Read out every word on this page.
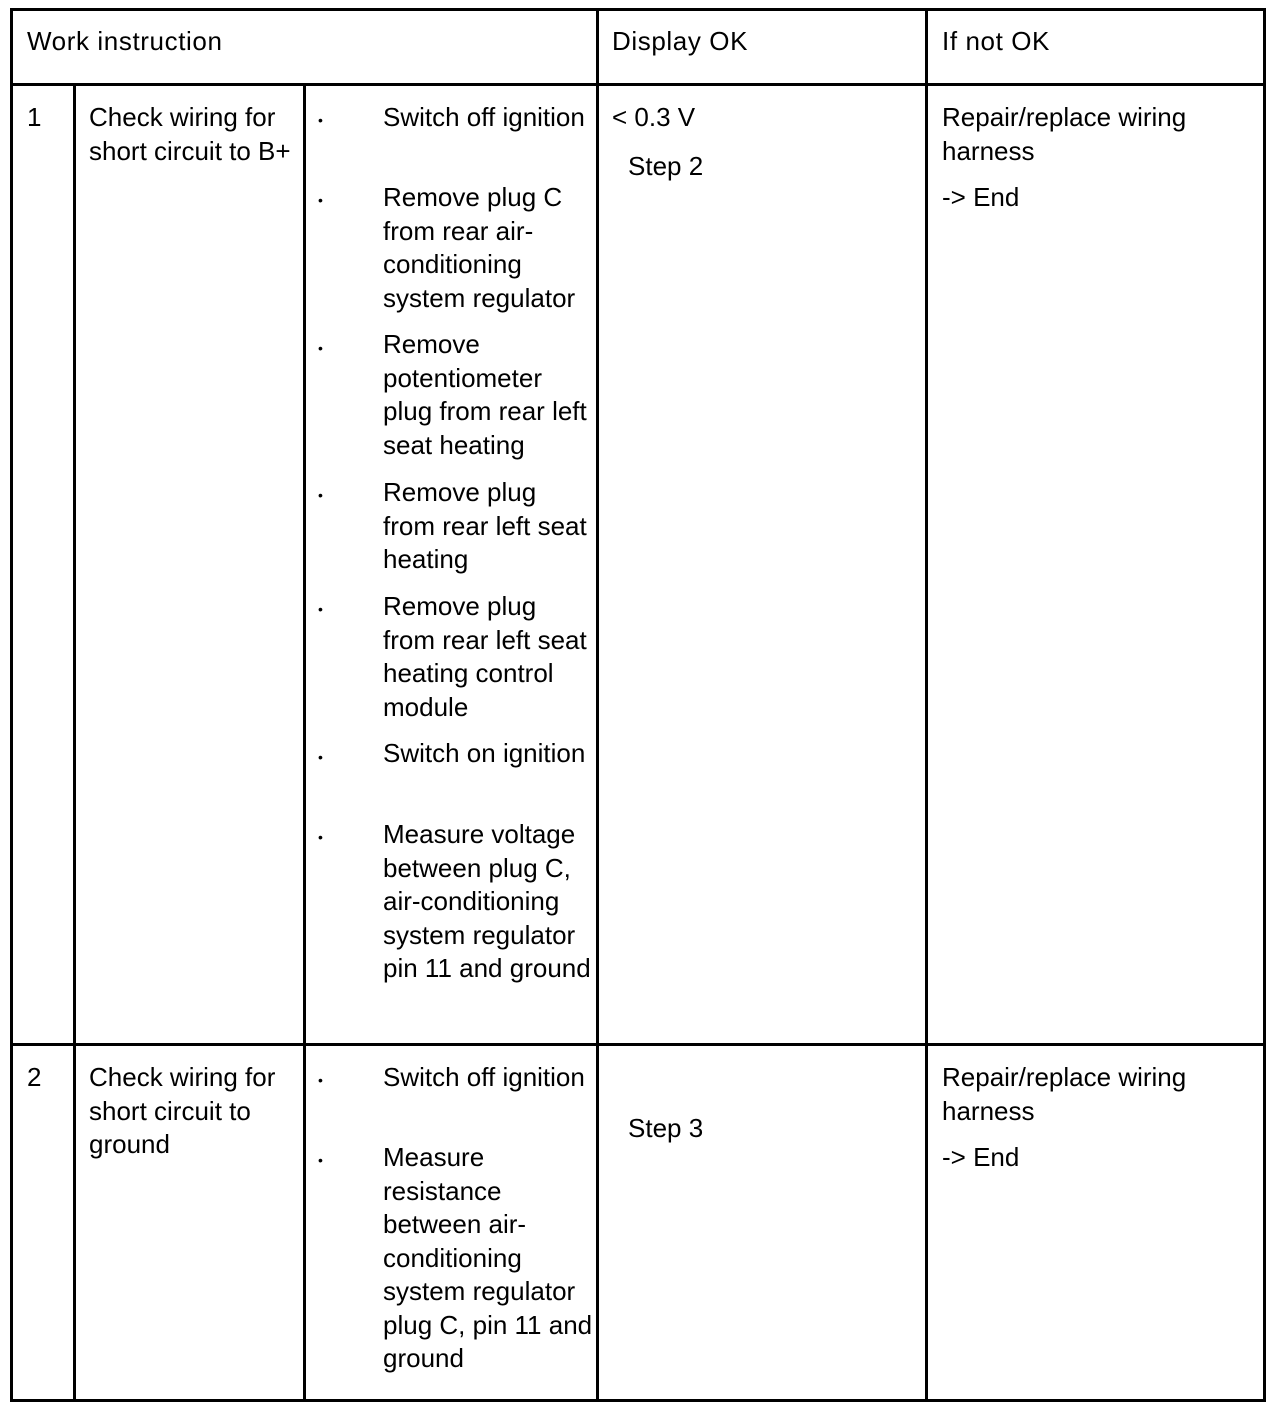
Work instruction	Display OK	If not OK
1 Check wiring for short circuit to B+
• Switch off ignition
• Remove plug C from rear air-conditioning system regulator
• Remove potentiometer plug from rear left seat heating
• Remove plug from rear left seat heating
• Remove plug from rear left seat heating control module
• Switch on ignition
• Measure voltage between plug C, air-conditioning system regulator pin 11 and ground
< 0.3 V
Step 2
Repair/replace wiring harness
-> End
2 Check wiring for short circuit to ground
• Switch off ignition
• Measure resistance between air-conditioning system regulator plug C, pin 11 and ground
Step 3
Repair/replace wiring harness
-> End
